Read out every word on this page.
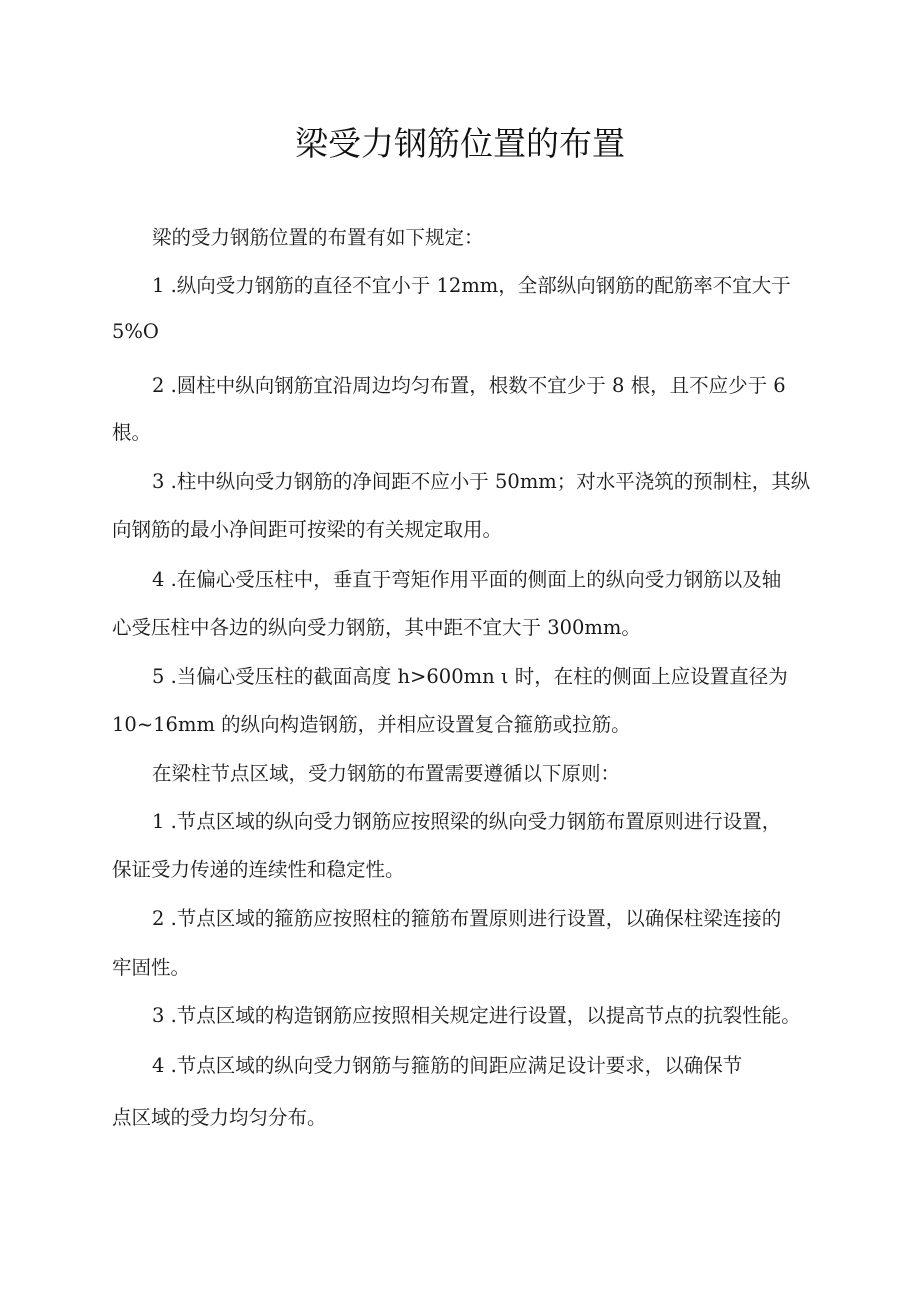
梁受力钢筋位置的布置

梁的受力钢筋位置的布置有如下规定：

1 .纵向受力钢筋的直径不宜小于 12mm，全部纵向钢筋的配筋率不宜大于

5%O

2 .圆柱中纵向钢筋宜沿周边均匀布置，根数不宜少于 8 根，且不应少于 6

根。

3 .柱中纵向受力钢筋的净间距不应小于 50mm；对水平浇筑的预制柱，其纵

向钢筋的最小净间距可按梁的有关规定取用。

4 .在偏心受压柱中，垂直于弯矩作用平面的侧面上的纵向受力钢筋以及轴

心受压柱中各边的纵向受力钢筋，其中距不宜大于 300mm。

5 .当偏心受压柱的截面高度 h>600mn ι 时，在柱的侧面上应设置直径为

10~16mm 的纵向构造钢筋，并相应设置复合箍筋或拉筋。

在梁柱节点区域，受力钢筋的布置需要遵循以下原则：

1 .节点区域的纵向受力钢筋应按照梁的纵向受力钢筋布置原则进行设置，

保证受力传递的连续性和稳定性。

2 .节点区域的箍筋应按照柱的箍筋布置原则进行设置，以确保柱梁连接的

牢固性。

3 .节点区域的构造钢筋应按照相关规定进行设置，以提高节点的抗裂性能。

4 .节点区域的纵向受力钢筋与箍筋的间距应满足设计要求，以确保节

点区域的受力均匀分布。
